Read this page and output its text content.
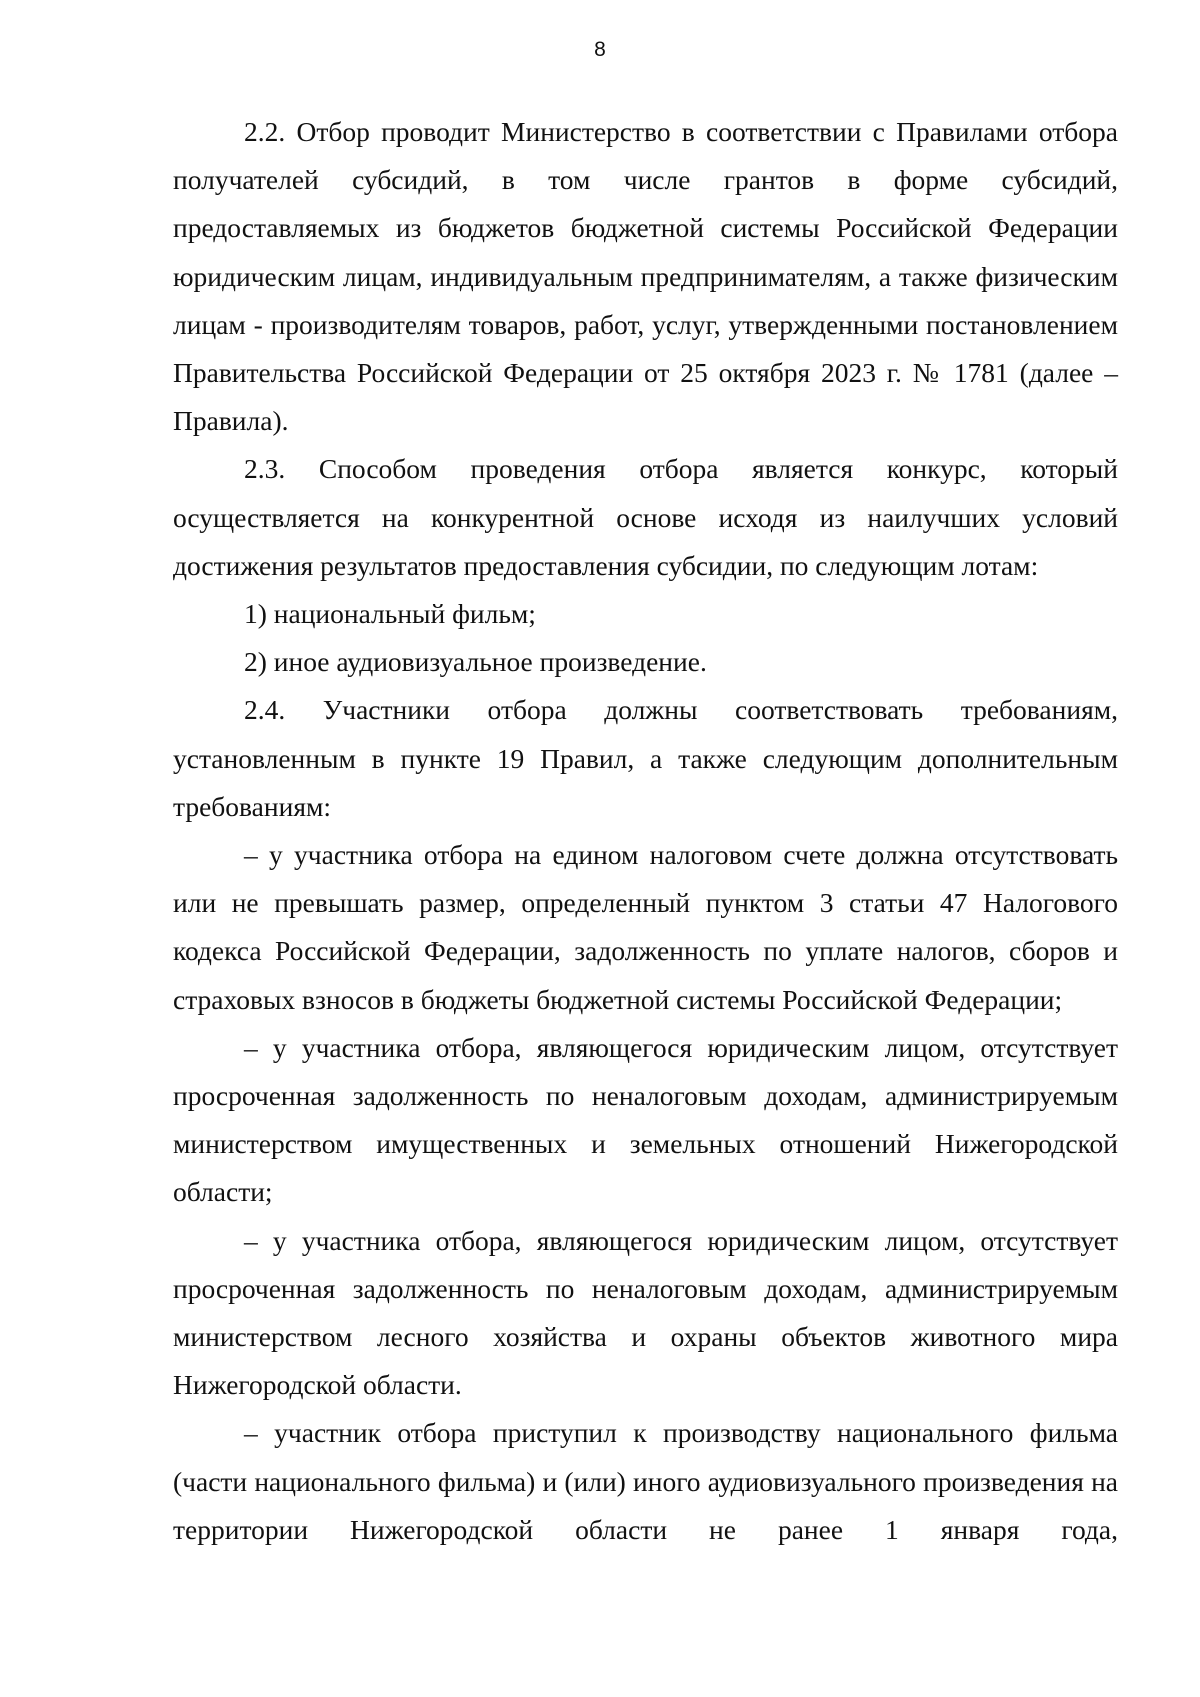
8

2.2. Отбор проводит Министерство в соответствии с Правилами отбора получателей субсидий, в том числе грантов в форме субсидий, предоставляемых из бюджетов бюджетной системы Российской Федерации юридическим лицам, индивидуальным предпринимателям, а также физическим лицам - производителям товаров, работ, услуг, утвержденными постановлением Правительства Российской Федерации от 25 октября 2023 г. № 1781 (далее – Правила).

2.3. Способом проведения отбора является конкурс, который осуществляется на конкурентной основе исходя из наилучших условий достижения результатов предоставления субсидии, по следующим лотам:

1) национальный фильм;

2) иное аудиовизуальное произведение.

2.4. Участники отбора должны соответствовать требованиям, установленным в пункте 19 Правил, а также следующим дополнительным требованиям:

– у участника отбора на едином налоговом счете должна отсутствовать или не превышать размер, определенный пунктом 3 статьи 47 Налогового кодекса Российской Федерации, задолженность по уплате налогов, сборов и страховых взносов в бюджеты бюджетной системы Российской Федерации;

– у участника отбора, являющегося юридическим лицом, отсутствует просроченная задолженность по неналоговым доходам, администрируемым министерством имущественных и земельных отношений Нижегородской области;

– у участника отбора, являющегося юридическим лицом, отсутствует просроченная задолженность по неналоговым доходам, администрируемым министерством лесного хозяйства и охраны объектов животного мира Нижегородской области.

– участник отбора приступил к производству национального фильма (части национального фильма) и (или) иного аудиовизуального произведения на территории Нижегородской области не ранее 1 января года,
